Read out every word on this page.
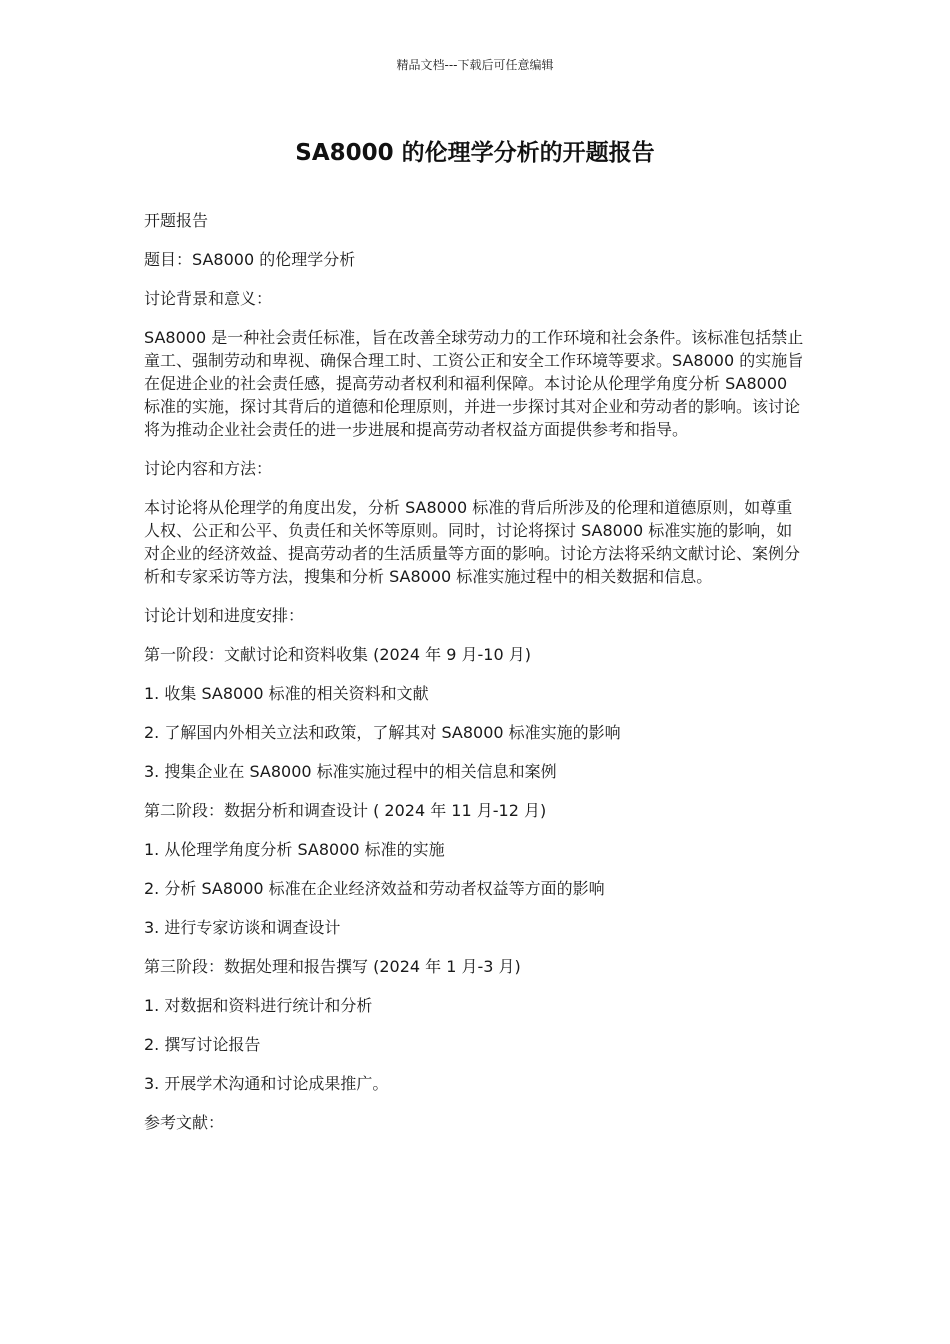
精品文档---下载后可任意编辑
SA8000 的伦理学分析的开题报告

开题报告

题目：SA8000 的伦理学分析

讨论背景和意义：

SA8000 是一种社会责任标准，旨在改善全球劳动力的工作环境和社会条件。该标准包括禁止童工、强制劳动和卑视、确保合理工时、工资公正和安全工作环境等要求。SA8000 的实施旨在促进企业的社会责任感，提高劳动者权利和福利保障。本讨论从伦理学角度分析 SA8000 标准的实施，探讨其背后的道德和伦理原则，并进一步探讨其对企业和劳动者的影响。该讨论将为推动企业社会责任的进一步进展和提高劳动者权益方面提供参考和指导。

讨论内容和方法：

本讨论将从伦理学的角度出发，分析 SA8000 标准的背后所涉及的伦理和道德原则，如尊重人权、公正和公平、负责任和关怀等原则。同时，讨论将探讨 SA8000 标准实施的影响，如对企业的经济效益、提高劳动者的生活质量等方面的影响。讨论方法将采纳文献讨论、案例分析和专家采访等方法，搜集和分析 SA8000 标准实施过程中的相关数据和信息。

讨论计划和进度安排：

第一阶段：文献讨论和资料收集 (2024 年 9 月-10 月)

1. 收集 SA8000 标准的相关资料和文献

2. 了解国内外相关立法和政策，了解其对 SA8000 标准实施的影响

3. 搜集企业在 SA8000 标准实施过程中的相关信息和案例

第二阶段：数据分析和调查设计 ( 2024 年 11 月-12 月)

1. 从伦理学角度分析 SA8000 标准的实施

2. 分析 SA8000 标准在企业经济效益和劳动者权益等方面的影响

3. 进行专家访谈和调查设计

第三阶段：数据处理和报告撰写 (2024 年 1 月-3 月)

1. 对数据和资料进行统计和分析

2. 撰写讨论报告

3. 开展学术沟通和讨论成果推广。

参考文献：
